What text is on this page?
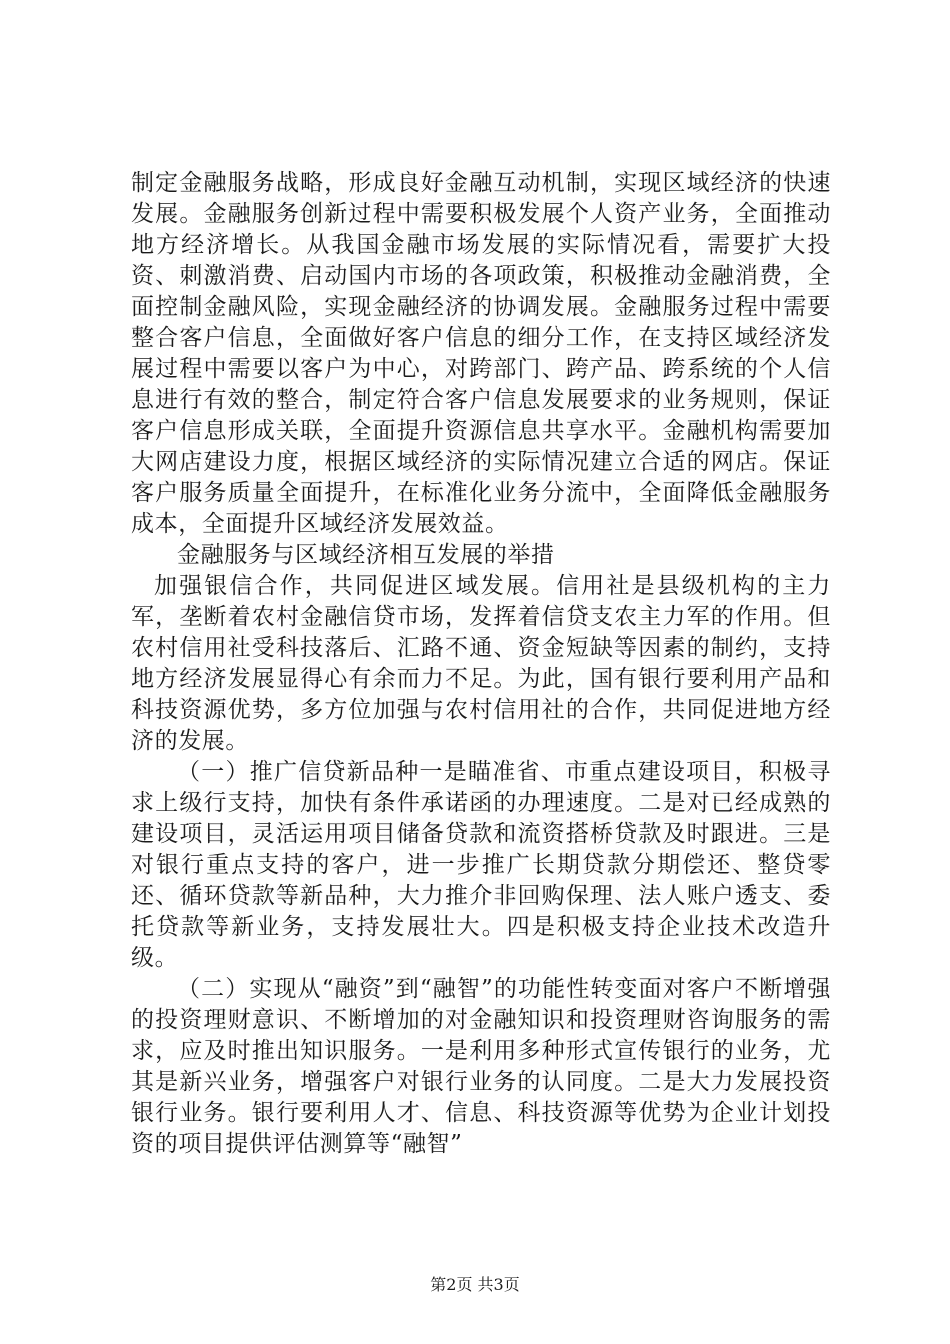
制定金融服务战略，形成良好金融互动机制，实现区域经济的快速发展。金融服务创新过程中需要积极发展个人资产业务，全面推动地方经济增长。从我国金融市场发展的实际情况看，需要扩大投资、刺激消费、启动国内市场的各项政策，积极推动金融消费，全面控制金融风险，实现金融经济的协调发展。金融服务过程中需要整合客户信息，全面做好客户信息的细分工作，在支持区域经济发展过程中需要以客户为中心，对跨部门、跨产品、跨系统的个人信息进行有效的整合，制定符合客户信息发展要求的业务规则，保证客户信息形成关联，全面提升资源信息共享水平。金融机构需要加大网店建设力度，根据区域经济的实际情况建立合适的网店。保证客户服务质量全面提升，在标准化业务分流中，全面降低金融服务成本，全面提升区域经济发展效益。

金融服务与区域经济相互发展的举措

加强银信合作，共同促进区域发展。信用社是县级机构的主力军，垄断着农村金融信贷市场，发挥着信贷支农主力军的作用。但农村信用社受科技落后、汇路不通、资金短缺等因素的制约，支持地方经济发展显得心有余而力不足。为此，国有银行要利用产品和科技资源优势，多方位加强与农村信用社的合作，共同促进地方经济的发展。

（一）推广信贷新品种一是瞄准省、市重点建设项目，积极寻求上级行支持，加快有条件承诺函的办理速度。二是对已经成熟的建设项目，灵活运用项目储备贷款和流资搭桥贷款及时跟进。三是对银行重点支持的客户，进一步推广长期贷款分期偿还、整贷零还、循环贷款等新品种，大力推介非回购保理、法人账户透支、委托贷款等新业务，支持发展壮大。四是积极支持企业技术改造升级。

（二）实现从“融资”到“融智”的功能性转变面对客户不断增强的投资理财意识、不断增加的对金融知识和投资理财咨询服务的需求，应及时推出知识服务。一是利用多种形式宣传银行的业务，尤其是新兴业务，增强客户对银行业务的认同度。二是大力发展投资银行业务。银行要利用人才、信息、科技资源等优势为企业计划投资的项目提供评估测算等“融智”

第2页 共3页
